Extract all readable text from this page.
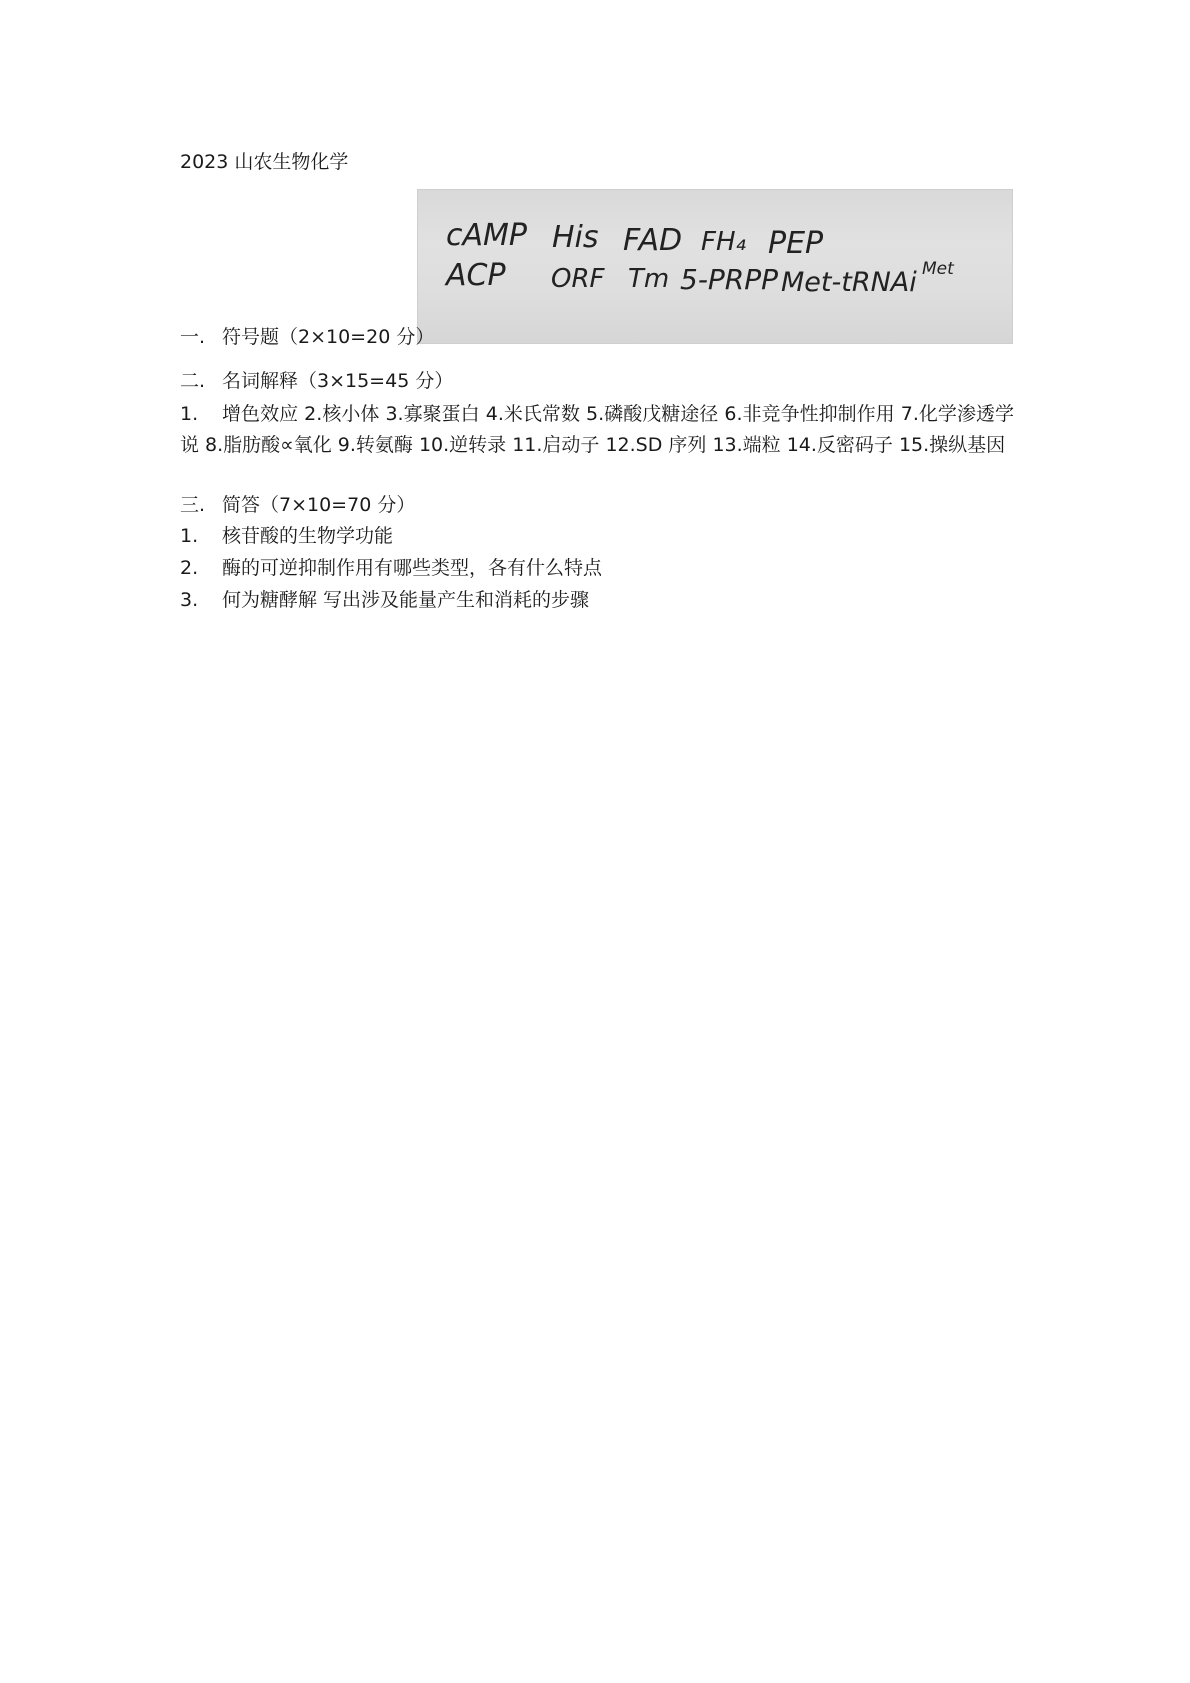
2023 山农生物化学
cAMP His FAD FH₄ PEP
ACP ORF Tm 5-PRPP Met-tRNAi Met
一. 符号题（2×10=20 分）
二. 名词解释（3×15=45 分）
1. 增色效应 2.核小体 3.寡聚蛋白 4.米氏常数 5.磷酸戊糖途径 6.非竞争性抑制作用 7.化学渗透学说 8.脂肪酸∝氧化 9.转氨酶 10.逆转录 11.启动子 12.SD 序列 13.端粒 14.反密码子 15.操纵基因
三. 简答（7×10=70 分）
1. 核苷酸的生物学功能
2. 酶的可逆抑制作用有哪些类型，各有什么特点
3. 何为糖酵解 写出涉及能量产生和消耗的步骤
